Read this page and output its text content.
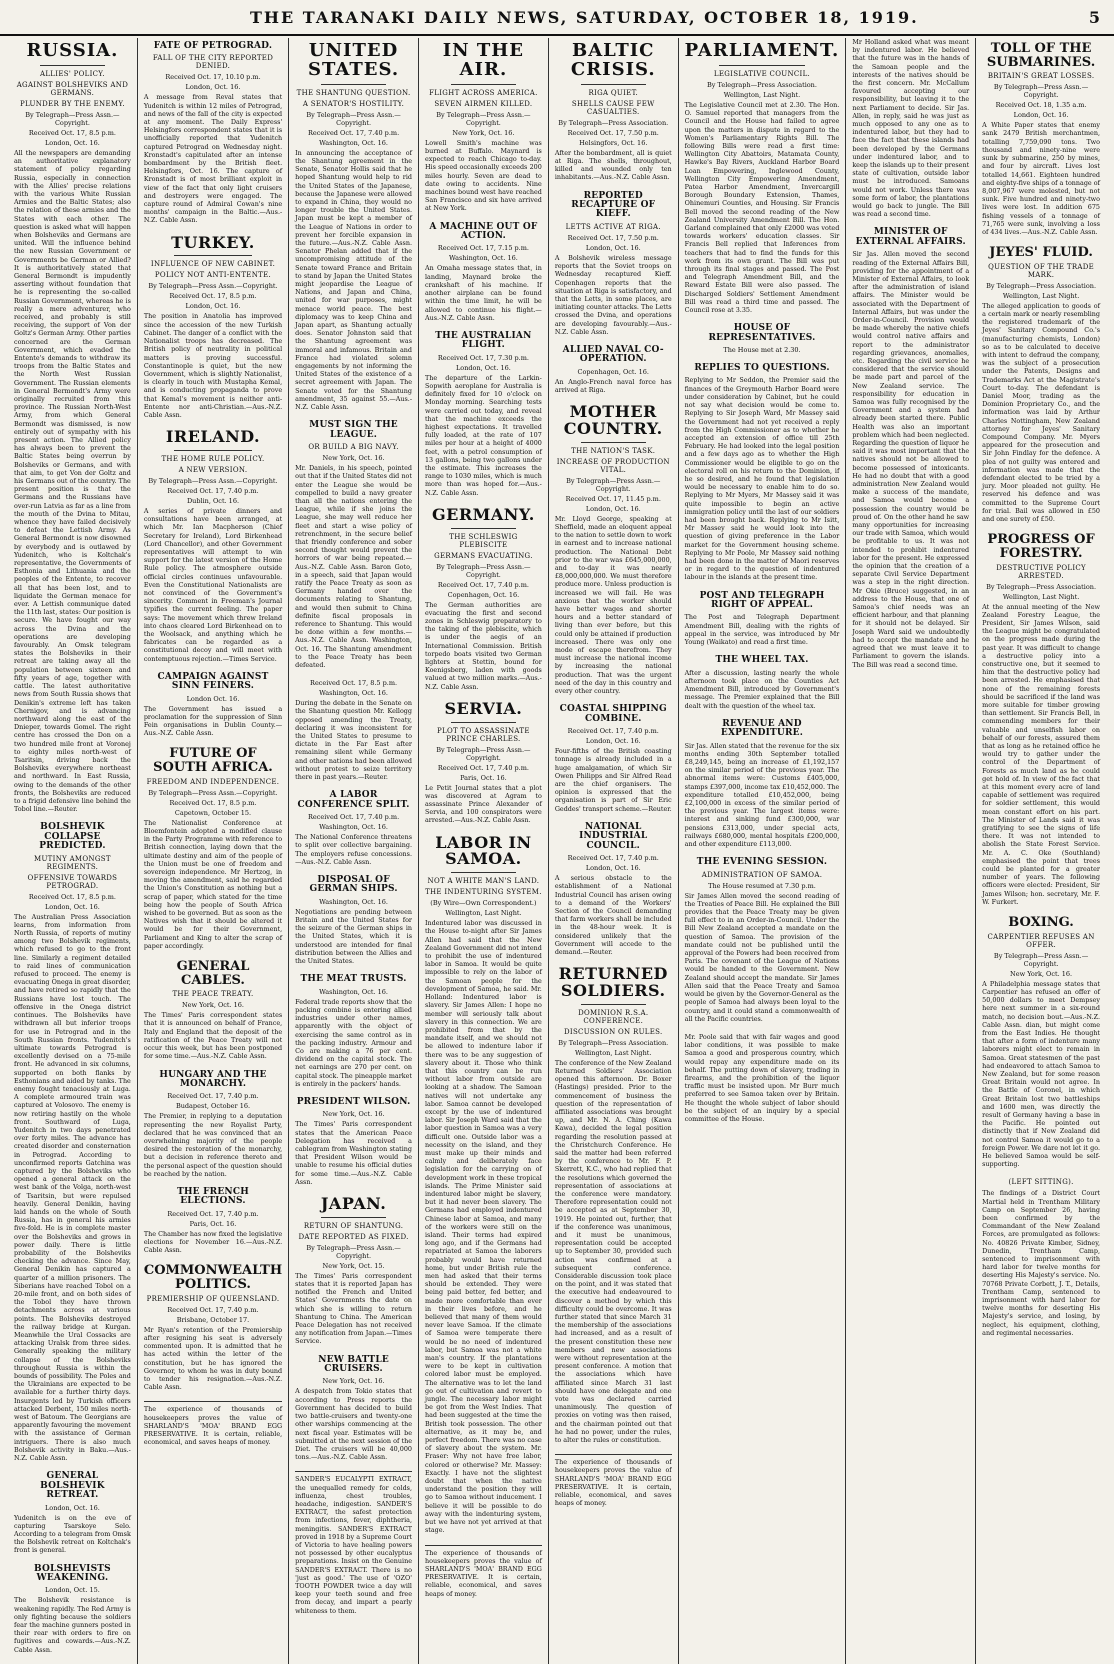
THE TARANAKI DAILY NEWS, SATURDAY, OCTOBER 18, 1919.	5
RUSSIA.
ALLIES' POLICY.
AGAINST BOLSHEVIKS AND GERMANS.
PLUNDER BY THE ENEMY.
By Telegraph—Press Assn.—Copyright.
Received Oct. 17, 8.5 p.m.
London, Oct. 16.

All the newspapers are demanding an authoritative explanatory statement of policy regarding Russia, especially in connection with the Allies' precise relations with the various White Russian Armies and the Baltic States; also the relation of these armies and the States with each other. The question is asked what will happen when Bolsheviks and Germans are united. Will the influence behind the new Russian Government or Governments be German or Allied? It is authoritatively stated that General Bermondt is impudently asserting without foundation that he is representing the so-called Russian Government, whereas he is really a mere adventurer, who received, and probably is still receiving, the support of Von der Goltz's German Army. Other parties concerned are the German Government, which evaded the Entente's demands to withdraw its troops from the Baltic States and the North West Russian Government. The Russian elements in General Bermondt's Army were originally recruited from this province. The Russian North-West Army, from which General Bermondt was dismissed, is now entirely out of sympathy with his present action. The Allied policy has always been to prevent the Baltic States being overrun by Bolsheviks or Germans, and with that aim, to get Von der Goltz and his Germans out of the country. The present position is that the Germans and the Russians have over-run Latvia as far as a line from the mouth of the Dvina to Mitau, whence they have failed decisively to defeat the Lettish Army. As General Bermondt is now disowned by everybody and is outlawed by Yudenitch, who is Koltchak's representative, the Governments of Esthonia and Lithuania and the peoples of the Entente, to recover all that has been lost, and to liquidate the German menace for ever. A Lettish communique dated the 11th last, states: Our position is secure. We have fought our way across the Dvina and the operations are developing favourably. An Omsk telegram states the Bolsheviks in their retreat are taking away all the population between sixteen and fifty years of age, together with cattle. The latest authoritative news from South Russia shows that Denikin's extreme left has taken Chernigov, and is advancing northward along the east of the Dnieper, towards Gomel. The right centre has crossed the Don on a two hundred mile front at Voronej to eighty miles north-west of Tsaritsin, driving back the Bolsheviks everywhere northeast and northward. In East Russia, owing to the demands of the other fronts, the Bolsheviks are reduced to a frigid defensive line behind the Tobol line.—Reuter.

BOLSHEVIK COLLAPSE PREDICTED.
MUTINY AMONGST REGIMENTS.
OFFENSIVE TOWARDS PETROGRAD.
Received Oct. 17, 8.5 p.m.
London, Oct. 16.

The Australian Press Association learns, from information from North Russia, of reports of mutiny among two Bolshevik regiments, which refused to go to the front line. Similarly a regiment detailed to raid lines of communication refused to proceed. The enemy is evacuating Onega in great disorder, and have retired so rapidly that the Russians have lost touch. The offensive in the Onega district continues. The Bolsheviks have withdrawn all but inferior troops for use in Petrograd and in the South Russian fronts. Yudenitch's ultimate towards Petrograd is excellently devised on a 75-mile front. He advanced in six columns, supported on both flanks by Esthonians and aided by tanks. The enemy fought tenaciously at Luga. A complete armoured train was captured at Volosovo. The enemy is now retiring hastily on the whole front. Southward of Luga, Yudenitch in two days penetrated over forty miles. The advance has created disorder and consternation in Petrograd. According to unconfirmed reports Gatchina was captured by the Bolsheviks who opened a general attack on the west bank of the Volga, north-west of Tsaritsin, but were repulsed heavily. General Denikin, having laid hands on the whole of South Russia, has in general his armies five-fold. He is in complete master over the Bolsheviks and grows in power daily. There is little probability of the Bolsheviks checking the advance. Since May, General Denikin has captured a quarter of a million prisoners. The Siberians have reached Tobol on a 20-mile front, and on both sides of the Tobol they have thrown detachments across at various points. The Bolsheviks destroyed the railway bridge at Kurgan. Meanwhile the Ural Cossacks are attacking Uralsk from three sides. Generally speaking the military collapse of the Bolsheviks throughout Russia is within the bounds of possibility. The Poles and the Ukrainians are expected to be available for a further thirty days. Insurgents led by Turkish officers attacked Derbent, 150 miles north-west of Batoum. The Georgians are apparently favouring the movement with the assistance of German intriguers. There is also much Bolshevik activity in Baku.—Aus.-N.Z. Cable Assn.

GENERAL BOLSHEVIK RETREAT.
London, Oct. 16.

Yudenitch is on the eve of capturing Tsarskoye Selo. According to a telegram from Omsk the Bolshevik retreat on Koltchak's front is general.

BOLSHEVISTS WEAKENING.
London, Oct. 15.

The Bolshevik resistance is weakening rapidly. The Red Army is only fighting because the soldiers fear the machine gunners posted in their rear with orders to fire on fugitives and cowards.—Aus.-N.Z. Cable Assn.

FATE OF PETROGRAD.
FALL OF THE CITY REPORTED DENIED.
Received Oct. 17, 10.10 p.m.
London, Oct. 16.

A message from Reval states that Yudenitch is within 12 miles of Petrograd, and news of the fall of the city is expected at any moment. The Daily Express' Helsingfors correspondent states that it is unofficially reported that Yudenitch captured Petrograd on Wednesday night. Kronstadt's capitulated after an intense bombardment by the British fleet. Helsingfors, Oct. 16. The capture of Kronstadt is of most brilliant exploit in view of the fact that only light cruisers and destroyers were engaged. The capture round of Admiral Cowan's nine months' campaign in the Baltic.—Aus.-N.Z. Cable Assn.

TURKEY.
INFLUENCE OF NEW CABINET.
POLICY NOT ANTI-ENTENTE.
By Telegraph—Press Assn.—Copyright.
Received Oct. 17, 8.5 p.m.
London, Oct. 16.

The position in Anatolia has improved since the accession of the new Turkish Cabinet. The danger of a conflict with the Nationalist troops has decreased. The British policy of neutrality in political matters is proving successful. Constantinople is quiet, but the new Government, which is slightly Nationalist, is clearly in touch with Mustapha Kemal, and is conducting propaganda to prove that Kemal's movement is neither anti-Entente nor anti-Christian.—Aus.-N.Z. Cable Assn.

IRELAND.
THE HOME RULE POLICY.
A NEW VERSION.
By Telegraph—Press Assn.—Copyright.
Received Oct. 17, 7.40 p.m.
Dublin, Oct. 16.

A series of private dinners and consultations have been arranged, at which Mr. Ian Macpherson (Chief Secretary for Ireland), Lord Birkenhead (Lord Chancellor), and other Government representatives will attempt to win support for the latest version of the Home Rule policy. The atmosphere outside official circles continues unfavourable. Even the Constitutional Nationalists are not convinced of the Government's sincerity. Comment in Freeman's Journal typifies the current feeling. The paper says: The movement which threw Ireland into chaos cleared Lord Birkenhead on to the Woolsack, and anything which he fabricates can be regarded as a constitutional decoy and will meet with contemptuous rejection.—Times Service.

CAMPAIGN AGAINST SINN FEINERS.
London Oct. 16.

The Government has issued a proclamation for the suppression of Sinn Fein organisations in Dublin County.—Aus.-N.Z. Cable Assn.

FUTURE OF SOUTH AFRICA.
FREEDOM AND INDEPENDENCE.
By Telegraph—Press Assn.—Copyright.
Received Oct. 17, 8.5 p.m.
Capetown, October 15.

The Nationalist Conference at Bloemfontein adopted a modified clause in the Party Programme with reference to British connection, laying down that the ultimate destiny and aim of the people of the Union must be one of freedom and sovereign independence. Mr Hertzog, in moving the amendment, said he regarded the Union's Constitution as nothing but a scrap of paper, which stated for the time being how the people of South Africa wished to be governed. But as soon as the Natives wish that it should be altered it would be for their Government, Parliament and King to alter the scrap of paper accordingly.

GENERAL CABLES.
THE PEACE TREATY.
New York, Oct. 16.

The Times' Paris correspondent states that it is announced on behalf of France, Italy and England that the deposit of the ratification of the Peace Treaty will not occur this week, but has been postponed for some time.—Aus.-N.Z. Cable Assn.

HUNGARY AND THE MONARCHY.
Received Oct. 17, 7.40 p.m.
Budapest, October 16.

The Premier, in replying to a deputation representing the new Royalist Party, declared that he was convinced that an overwhelming majority of the people desired the restoration of the monarchy, but a decision in reference thereto and the personal aspect of the question should be reached by the nation.

THE FRENCH ELECTIONS.
Received Oct. 17, 7.40 p.m.
Paris, Oct. 16.

The Chamber has now fixed the legislative elections for November 16.—Aus.-N.Z. Cable Assn.

COMMONWEALTH POLITICS.
PREMIERSHIP OF QUEENSLAND.
Received Oct. 17, 7.40 p.m.
Brisbane, October 17.

Mr Ryan's retention of the Premiership after resigning his seat is adversely commented upon. It is admitted that he has acted within the letter of the constitution, but he has ignored the Governor, to whom he was in duty bound to tender his resignation.—Aus.-N.Z. Cable Assn.

The experience of thousands of housekeepers proves the value of SHARLAND'S 'MOA' BRAND EGG PRESERVATIVE. It is certain, reliable, economical, and saves heaps of money.

UNITED STATES.
THE SHANTUNG QUESTION.
A SENATOR'S HOSTILITY.
By Telegraph—Press Assn.—Copyright.
Received Oct. 17, 7.40 p.m.
Washington, Oct. 16.

In announcing the acceptance of the Shantung agreement in the Senate, Senator Hollis said that he hoped Shantung would help to rid the United States of the Japanese, because the Japanese were allowed to expand in China, they would no longer trouble the United States. Japan must be kept a member of the League of Nations in order to prevent her forcible expansion in the future.—Aus.-N.Z. Cable Assn. Senator Phelan added that if the uncompromising attitude of the Senate toward France and Britain to stand by Japan the United States might jeopardise the League of Nations, and Japan and China, united for war purposes, might menace world peace. The best diplomacy was to keep China and Japan apart, as Shantung actually does. Senator Johnston said that the Shantung agreement was immoral and infamous. Britain and France had violated solemn engagements by not informing the United States of the existence of a secret agreement with Japan. The Senate voted for the Shantung amendment, 35 against 55.—Aus.-N.Z. Cable Assn.

MUST SIGN THE LEAGUE.
OR BUILD A BIG NAVY.
New York, Oct. 16.

Mr. Daniels, in his speech, pointed out that if the United States did not enter the League she would be compelled to build a navy greater than all the nations entering the League, while if she joins the League, she may well reduce her fleet and start a wise policy of retrenchment, in the secure belief that friendly conference and sober second thought would prevent the horrors of war being repeated.—Aus.-N.Z. Cable Assn. Baron Goto, in a speech, said that Japan would ratify the Peace Treaty as soon as Germany handed over the documents relating to Shantung, and would then submit to China definite fiscal proposals in reference to Shantung. This would be done within a few months.—Aus.-N.Z. Cable Assn. Washington, Oct. 16. The Shantung amendment to the Peace Treaty has been defeated.

Received Oct. 17, 8.5 p.m.
Washington, Oct. 16.

During the debate in the Senate on the Shantung question Mr. Kellogg opposed amending the Treaty, declaring it was inconsistent for the United States to presume to dictate in the Far East after remaining silent while Germany and other nations had been allowed without protest to seize territory there in past years.—Reuter.

A LABOR CONFERENCE SPLIT.
Received Oct. 17, 7.40 p.m.
Washington, Oct. 16.

The National Conference threatens to split over collective bargaining. The employers refuse concessions.—Aus.-N.Z. Cable Assn.

DISPOSAL OF GERMAN SHIPS.
Washington, Oct. 16.

Negotiations are pending between Britain and the United States for the seizure of the German ships in the United States, which it is understood are intended for final distribution between the Allies and the United States.

THE MEAT TRUSTS.
Washington, Oct. 16.

Federal trade reports show that the packing combine is entering allied industries under other names, apparently with the object of exercising the same control as in the packing industry. Armour and Co are making a 76 per cent. dividend on the capital stock. The net earnings are 270 per cent. on capital stock. The pineapple market is entirely in the packers' hands.

PRESIDENT WILSON.
New York, Oct. 16.

The Times' Paris correspondent states that the American Peace Delegation has received a cablegram from Washington stating that President Wilson would be unable to resume his official duties for some time.—Aus.-N.Z. Cable Assn.

JAPAN.
RETURN OF SHANTUNG.
DATE REPORTED AS FIXED.
By Telegraph—Press Assn.—Copyright.
New York, Oct. 15.

The Times' Paris correspondent states that it is reported Japan has notified the French and United States' Governments the date on which she is willing to return Shantung to China. The American Peace Delegation has not received any notification from Japan.—Times Service.

NEW BATTLE CRUISERS.
New York, Oct. 16.

A despatch from Tokio states that according to Press reports the Government has decided to build two battle-cruisers and twenty-one other warships commencing at the next fiscal year. Estimates will be submitted at the next session of the Diet. The cruisers will be 40,000 tons.—Aus.-N.Z. Cable Assn.

SANDER'S EUCALYPTI EXTRACT, the unequalled remedy for colds, influenza, chest troubles, headache, indigestion. SANDER'S EXTRACT, the safest protection from infections, fever, diphtheria, meningitis. SANDER'S EXTRACT proved in 1918 by a Supreme Court of Victoria to have healing powers not possessed by other eucalyptus preparations. Insist on the Genuine SANDER'S EXTRACT. There is no 'just as good.' The use of 'OZO' TOOTH POWDER twice a day will keep your teeth sound and free from decay, and impart a pearly whiteness to them.

IN THE AIR.
FLIGHT ACROSS AMERICA.
SEVEN AIRMEN KILLED.
By Telegraph—Press Assn.—Copyright.
New York, Oct. 16.

Lowell Smith's machine was burned at Buffalo. Maynard is expected to reach Chicago to-day. His speed occasionally exceeds 200 miles hourly. Seven are dead to date owing to accidents. Nine machines bound west have reached San Francisco and six have arrived at New York.

A MACHINE OUT OF ACTION.
Received Oct. 17, 7.15 p.m.
Washington, Oct. 16.

An Omaha message states that, in landing, Maynard broke the crankshaft of his machine. If another airplane can be found within the time limit, he will be allowed to continue his flight.—Aus.-N.Z. Cable Assn.

THE AUSTRALIAN FLIGHT.
Received Oct. 17, 7.30 p.m.
London, Oct. 16.

The departure of the Larkin-Sopwith aeroplane for Australia is definitely fixed for 10 o'clock on Monday morning. Searching tests were carried out today, and reveal that the machine exceeds the highest expectations. It travelled fully loaded, at the rate of 107 miles per hour at a height of 4000 feet, with a petrol consumption of 13 gallons, being two gallons under the estimate. This increases the range to 1030 miles, which is much more than was hoped for.—Aus.-N.Z. Cable Assn.

GERMANY.
THE SCHLESWIG PLEBISCITE
GERMANS EVACUATING.
By Telegraph—Press Assn.—Copyright.
Received Oct. 17, 7.40 p.m.
Copenhagen, Oct. 16.

The German authorities are evacuating the first and second zones in Schleswig preparatory to the taking of the plebiscite, which is under the aegis of an International Commission. British torpedo boats visited two German lighters at Stettin, bound for Koenigsberg, laden with goods valued at two million marks.—Aus.-N.Z. Cable Assn.

SERVIA.
PLOT TO ASSASSINATE PRINCE CHARLES.
By Telegraph—Press Assn.—Copyright.
Received Oct. 17, 7.40 p.m.
Paris, Oct. 16.

Le Petit Journal states that a plot was discovered at Agram to assassinate Prince Alexander of Servia, and 100 conspirators were arrested.—Aus.-N.Z. Cable Assn.

LABOR IN SAMOA.
NOT A WHITE MAN'S LAND.
THE INDENTURING SYSTEM.
(By Wire—Own Correspondent.)
Wellington, Last Night.

Indentured labor was discussed in the House to-night after Sir James Allen had said that the New Zealand Government did not intend to prohibit the use of indentured labor in Samoa. It would be quite impossible to rely on the labor of the Samoan people for the development of Samoa, he said. Mr. Holland: Indentured labor is slavery. Sir James Allen: I hope no member will seriously talk about slavery in this connection. We are prohibited from that by the mandate itself, and we should not be allowed to indenture labor if there was to be any suggestion of slavery about it. Those who think that this country can be run without labor from outside are looking at a shadow. The Samoan natives will not undertake any labor. Samoa cannot be developed except by the use of indentured labor. Sir Joseph Ward said that the labor question in Samoa was a very difficult one. Outside labor was a necessity on the island, and they must make up their minds and calmly and deliberately face legislation for the carrying on of development work in these tropical islands. The Prime Minister said indentured labor might be slavery, but it had never been slavery. The Germans had employed indentured Chinese labor at Samoa, and many of the workers were still on the island. Their terms had expired long ago, and if the Germans had repatriated at Samoa the laborers probably would have returned home, but under British rule the men had asked that their terms should be extended. They were being paid better, fed better, and made more comfortable than ever in their lives before, and he believed that many of them would never leave Samoa. If the climate of Samoa were temperate there would be no need of indentured labor, but Samoa was not a white man's country. If the plantations were to be kept in cultivation colored labor must be employed. The alternative was to let the land go out of cultivation and revert to jungle. The necessary labor might be got from the West Indies. That had been suggested at the time the British took possession. The other alternative, as it may be, and perfect freedom. There was no case of slavery about the system. Mr. Fraser: Why not have free labor, colored or otherwise? Mr. Massey: Exactly. I have not the slightest doubt that when the native understand the position they will go to Samoa without inducement. I believe it will be possible to do away with the indenturing system, but we have not yet arrived at that stage.

The experience of thousands of housekeepers proves the value of SHARLAND'S 'MOA' BRAND EGG PRESERVATIVE. It is certain, reliable, economical, and saves heaps of money.

BALTIC CRISIS.
RIGA QUIET.
SHELLS CAUSE FEW CASUALTIES.
By Telegraph—Press Association.
Received Oct. 17, 7.50 p.m.
Helsingfors, Oct. 16.

After the bombardment, all is quiet at Riga. The shells, throughout, killed and wounded only ten inhabitants.—Aus.-N.Z. Cable Assn.

REPORTED RECAPTURE OF KIEFF.
LETTS ACTIVE AT RIGA.
Received Oct. 17, 7.50 p.m.
London, Oct. 16.

A Bolshevik wireless message reports that the Soviet troops on Wednesday recaptured Kieff. Copenhagen reports that the situation at Riga is satisfactory, and that the Letts, in some places, are initiating counter attacks. The Letts crossed the Dvina, and operations are developing favourably.—Aus.-N.Z. Cable Assn.

ALLIED NAVAL CO-OPERATION.
Copenhagen, Oct. 16.

An Anglo-French naval force has arrived at Riga.

MOTHER COUNTRY.
THE NATION'S TASK.
INCREASE OF PRODUCTION VITAL.
By Telegraph—Press Assn.—Copyright.
Received Oct. 17, 11.45 p.m.
London, Oct. 16.

Mr. Lloyd George, speaking at Sheffield, made an eloquent appeal to the nation to settle down to work in earnest and to increase national production. The National Debt prior to the war was £645,000,000, and to-day it was nearly £8,000,000,000. We must therefore produce more. Unless production is increased we will fail. He was anxious that the worker should have better wages and shorter hours and a better standard of living than ever before, but this could only be attained if production increased. There was only one mode of escape therefrom. They must increase the national income by increasing the national production. That was the urgent need of the day in this country and every other country.

COASTAL SHIPPING COMBINE.
Received Oct. 17, 7.40 p.m.
London, Oct. 16.

Four-fifths of the British coasting tonnage is already included in a huge amalgamation, of which Sir Owen Philipps and Sir Alfred Read are the chief organisers. The opinion is expressed that the organisation is part of Sir Eric Geddes' transport scheme.—Reuter.

NATIONAL INDUSTRIAL COUNCIL.
Received Oct. 17, 7.40 p.m.
London, Oct. 16.

A serious obstacle to the establishment of a National Industrial Council has arisen owing to a demand of the Workers' Section of the Council demanding that farm workers shall be included in the 48-hour week. It is considered unlikely that the Government will accede to the demand.—Reuter.

RETURNED SOLDIERS.
DOMINION R.S.A. CONFERENCE.
DISCUSSION ON RULES.
By Telegraph—Press Association.
Wellington, Last Night.

The conference of the New Zealand Returned Soldiers' Association opened this afternoon. Dr. Boxer (Hastings) presided. Prior to the commencement of business the question of the representation of affiliated associations was brought up, and Mr. N. A. Ching (Kawa Kawa), decided the legal position regarding the resolution passed at the Christchurch Conference. He said the matter had been referred by the conference to Mr. F. P. Skerrett, K.C., who had replied that the resolutions which governed the representation of associations at the conference were mandatory. Therefore representation could not be accepted as at September 30, 1919. He pointed out, further, that if the conference was unanimous, and it must be unanimous, representation could be accepted up to September 30, provided such action was confirmed at a subsequent conference. Considerable discussion took place on the point, and it was stated that the executive had endeavoured to discover a method by which this difficulty could be overcome. It was further stated that since March 31 the membership of the associations had increased, and as a result of the present constitution these new members and new associations were without representation at the present conference. A motion that the associations which have affiliated since March 31 last should have one delegate and one vote was declared carried unanimously. The question of proxies on voting was then raised, and the chairman pointed out that he had no power, under the rules, to alter the rules or constitution.

The experience of thousands of housekeepers proves the value of SHARLAND'S 'MOA' BRAND EGG PRESERVATIVE. It is certain, reliable, economical, and saves heaps of money.

PARLIAMENT.
LEGISLATIVE COUNCIL.
By Telegraph—Press Association.
Wellington, Last Night.

The Legislative Council met at 2.30. The Hon. O. Samuel reported that managers from the Council and the House had failed to agree upon the matters in dispute in regard to the Women's Parliamentary Rights Bill. The following Bills were read a first time: Wellington City Abattoirs, Matamata County, Hawke's Bay Rivers, Auckland Harbor Board Loan Empowering, Inglewood County, Wellington City Empowering Amendment, Patea Harbor Amendment, Invercargill Borough Boundary Extension, Thames, Ohinemuri Counties, and Housing. Sir Francis Bell moved the second reading of the New Zealand University Amendment Bill. The Hon. Garland complained that only £2000 was voted towards workers' education classes. Sir Francis Bell replied that Inferences from teachers that had to find the funds for this work from its own grant. The Bill was put through its final stages and passed. The Post and Telegraph Amendment Bill, and the Reward Estate Bill were also passed. The Discharged Soldiers' Settlement Amendment Bill was read a third time and passed. The Council rose at 3.35.

HOUSE OF REPRESENTATIVES.
The House met at 2.30.
REPLIES TO QUESTIONS.

Replying to Mr Seddon, the Premier said the finances of the Greymouth Harbor Board were under consideration by Cabinet, but he could not say what decision would be come to. Replying to Sir Joseph Ward, Mr Massey said the Government had not yet received a reply from the High Commissioner as to whether he accepted an extension of office till 25th February. He had looked into the legal position and a few days ago as to whether the High Commissioner would be eligible to go on the electoral roll on his return to the Dominion, if he so desired, and he found that legislation would be necessary to enable him to do so. Replying to Mr Myers, Mr Massey said it was quite impossible to begin an active immigration policy until the last of our soldiers had been brought back. Replying to Mr Isitt, Mr Massey said he would look into the question of giving preference in the Labor market for the Government housing scheme. Replying to Mr Poole, Mr Massey said nothing had been done in the matter of Maori reserves or in regard to the question of indentured labour in the islands at the present time.

POST AND TELEGRAPH RIGHT OF APPEAL.

The Post and Telegraph Department Amendment Bill, dealing with the rights of appeal in the service, was introduced by Mr Young (Waikato) and read a first time.

THE WHEEL TAX.

After a discussion, lasting nearly the whole afternoon took place on the Counties Act Amendment Bill, introduced by Government's message. The Premier explained that the Bill dealt with the question of the wheel tax.

REVENUE AND EXPENDITURE.

Sir Jas. Allen stated that the revenue for the six months ending 30th September totalled £8,249,145, being an increase of £1,192,157 on the similar period of the previous year. The abnormal items were: Customs £405,000, stamps £397,000, income tax £10,452,000. The expenditure totalled £10,452,000, being £2,100,000 in excess of the similar period of the previous year. The largest items were: interest and sinking fund £300,000, war pensions £313,000, under special acts, railways £680,000, mental hospitals £200,000, and other expenditure £113,000.

THE EVENING SESSION.
ADMINISTRATION OF SAMOA.
The House resumed at 7.30 p.m.

Sir James Allen moved the second reading of the Treaties of Peace Bill. He explained the Bill provides that the Peace Treaty may be given full effect to in an Order-in-Council. Under the Bill New Zealand accepted a mandate on the question of Samoa. The provision of the mandate could not be published until the approval of the Powers had been received from Paris. The covenant of the League of Nations would be handed to the Government. New Zealand should accept the mandate. Sir James Allen said that the Peace Treaty and Samoa would be given by the Governor-General as the people of Samoa had always been loyal to the country, and it could stand a commonwealth of all the Pacific countries.

Mr. Poole said that with fair wages and good labor conditions, it was possible to make Samoa a good and prosperous country, which would repay any expenditure made on its behalf. The putting down of slavery, trading in firearms, and the prohibition of the liquor traffic must be insisted upon. Mr Burr much preferred to see Samoa taken over by Britain. He thought the whole subject of labor should be the subject of an inquiry by a special committee of the House.

Mr Holland asked what was meant by indentured labor. He believed that the future was in the hands of the Samoan people and the interests of the natives should be the first concern. Mr. McCallum favoured accepting our responsibility, but leaving it to the next Parliament to decide. Sir Jas. Allen, in reply, said he was just as much opposed to any one as to indentured labor, but they had to face the fact that these islands had been developed by the Germans under indentured labor, and to keep the islands up to their present state of cultivation, outside labor must be introduced. Samoans would not work. Unless there was some form of labor, the plantations would go back to jungle. The Bill was read a second time.

MINISTER OF EXTERNAL AFFAIRS.

Sir Jas. Allen moved the second reading of the External Affairs Bill, providing for the appointment of a Minister of External Affairs, to look after the administration of island affairs. The Minister would be associated with the Department of Internal Affairs, but was under the Order-in-Council. Provision would be made whereby the native chiefs would control native affairs and report to the administrator regarding grievances, anomalies, etc. Regarding the civil service he considered that the service should be made part and parcel of the New Zealand service. The responsibility for education in Samoa was fully recognised by the Government and a system had already been started there. Public Health was also an important problem which had been neglected. Regarding the question of liquor he said it was most important that the natives should not be allowed to become possessed of intoxicants. He had no doubt that with a good administration New Zealand would make a success of the mandate, and Samoa would become a possession the country would be proud of. On the other hand he saw many opportunities for increasing our trade with Samoa, which would be profitable to us. It was not intended to prohibit indentured labor for the present. He expressed the opinion that the creation of a separate Civil Service Department was a step in the right direction. Mr Okie (Bruce) suggested, in an address to the House, that one of Samoa's chief needs was an efficient harbour, and that planning for it should not be delayed. Sir Joseph Ward said we undoubtedly had to accept the mandate and he agreed that we must leave it to Parliament to govern the islands. The Bill was read a second time.

TOLL OF THE SUBMARINES.
BRITAIN'S GREAT LOSSES.
By Telegraph—Press Assn.—Copyright.
Received Oct. 18, 1.35 a.m.
London, Oct. 16.

A White Paper states that enemy sank 2479 British merchantmen, totalling 7,759,090 tons. Two thousand and ninety-nine were sunk by submarine, 250 by mines, and four by aircraft. Lives lost totalled 14,661. Eighteen hundred and eighty-five ships of a tonnage of 8,007,967 were molested, but not sunk. Five hundred and ninety-two lives were lost. In addition 675 fishing vessels of a tonnage of 71,765 were sunk, involving a loss of 434 lives.—Aus.-N.Z. Cable Assn.

JEYES' FLUID.
QUESTION OF THE TRADE MARK.
By Telegraph—Press Association.
Wellington, Last Night.

The alleged application to goods of a certain mark or nearly resembling the registered trademark of the Jeyes' Sanitary Compound Co.'s (manufacturing chemists, London) so as to be calculated to deceive with intent to defraud the company, was the subject of a prosecution under the Patents, Designs and Trademarks Act at the Magistrate's Court to-day. The defendant is Daniel Moor, trading as the Dominion Proprietary Co., and the information was laid by Arthur Charles Nottingham, New Zealand attorney for Jeyes' Sanitary Compound Company. Mr. Myers appeared for the prosecution and Sir John Findlay for the defence. A plea of not guilty was entered and information was made that the defendant elected to be tried by a jury. Moor pleaded not guilty. He reserved his defence and was committed to the Supreme Court for trial. Bail was allowed in £50 and one surety of £50.

PROGRESS OF FORESTRY.
DESTRUCTIVE POLICY ARRESTED.
By Telegraph—Press Association.
Wellington, Last Night.

At the annual meeting of the New Zealand Forestry League, the President, Sir James Wilson, said the League might be congratulated on the progress made during the past year. It was difficult to change a destructive policy into a constructive one, but it seemed to him that the destructive policy had been arrested. He emphasised that none of the remaining forests should be sacrificed if the land was more suitable for timber growing than settlement. Sir Francis Bell, in commending members for their valuable and unselfish labor on behalf of our forests, assured them that as long as he retained office he would try to gather under the control of the Department of Forests as much land as he could get hold of. In view of the fact that at this moment every acre of land capable of settlement was required for soldier settlement, this would mean constant effort on his part. The Minister of Lands said it was gratifying to see the signs of life there. It was not intended to abolish the State Forest Service. Mr. A. C. Oke (Southland) emphasised the point that trees could be planted for a greater number of years. The following officers were elected: President, Sir James Wilson; hon. secretary, Mr. F. W. Furkert.

BOXING.
CARPENTIER REFUSES AN OFFER.
By Telegraph—Press Assn.—Copyright.
New York, Oct. 16.

A Philadelphia message states that Carpentier has refused an offer of 50,000 dollars to meet Dempsey here next summer in a six-round match, no decision bout.—Aus.-N.Z. Cable Assn. dian, but might come from the East Indies. He thought that after a form of indenture many laborers might elect to remain in Samoa. Great statesmen of the past had endeavored to attach Samoa to New Zealand, but for some reason Great Britain would not agree. In the Battle of Coronel, in which Great Britain lost two battleships and 1600 men, was directly the result of Germany having a base in the Pacific. He pointed out distinctly that if New Zealand did not control Samoa it would go to a foreign Power. We dare not let it go. He believed Samoa would be self-supporting.

(LEFT SITTING).

The findings of a District Court Martial held in Trentham Military Camp on September 26, having been confirmed by the Commandant of the New Zealand Forces, are promulgated as follows: No. 40826 Private Kimber, Sidney, Dunedin, Trentham Camp, sentenced to imprisonment with hard labor for twelve months for deserting His Majesty's service. No. 70768 Private Corbett, J. T., Details, Trentham Camp, sentenced to imprisonment with hard labor for twelve months for deserting His Majesty's service, and losing, by neglect, his equipment, clothing, and regimental necessaries.
